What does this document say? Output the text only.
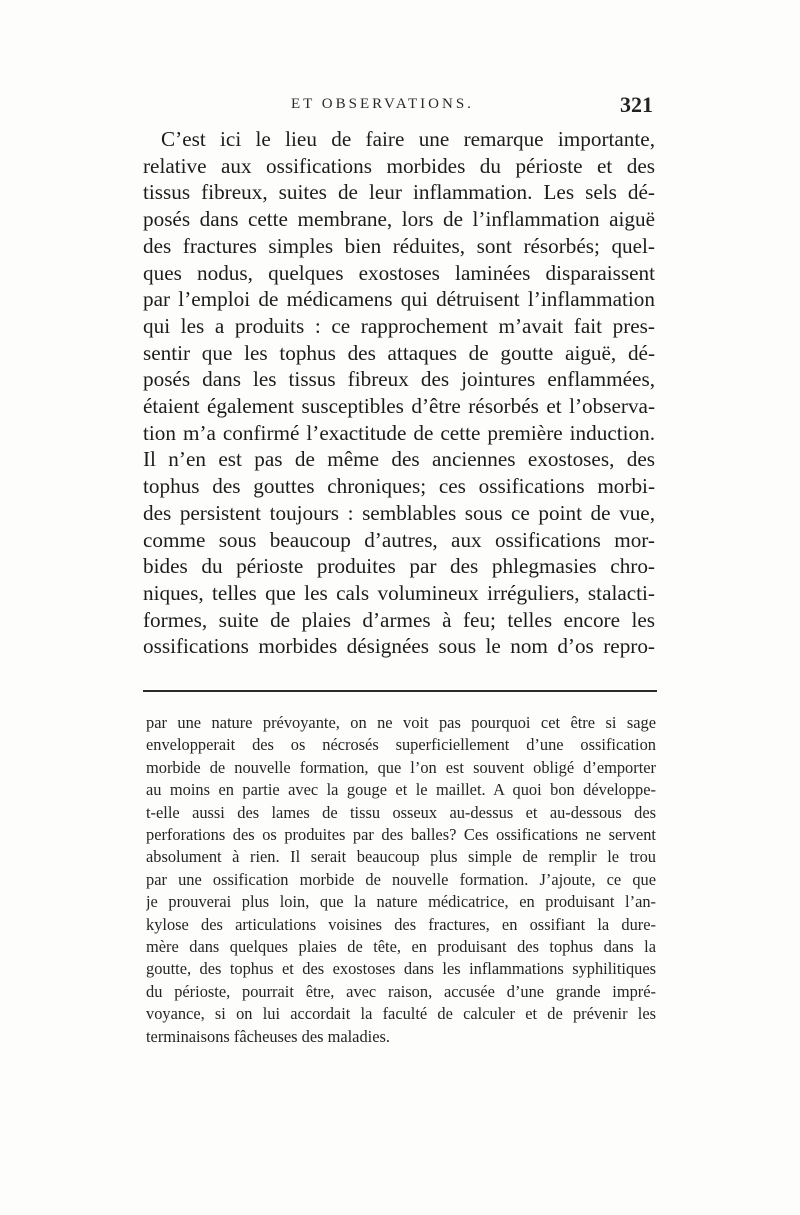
ET OBSERVATIONS.	321
C’est ici le lieu de faire une remarque importante,
relative aux ossifications morbides du périoste et des
tissus fibreux, suites de leur inflammation. Les sels dé-
posés dans cette membrane, lors de l’inflammation aiguë
des fractures simples bien réduites, sont résorbés; quel-
ques nodus, quelques exostoses laminées disparaissent
par l’emploi de médicamens qui détruisent l’inflammation
qui les a produits : ce rapprochement m’avait fait pres-
sentir que les tophus des attaques de goutte aiguë, dé-
posés dans les tissus fibreux des jointures enflammées,
étaient également susceptibles d’être résorbés et l’observa-
tion m’a confirmé l’exactitude de cette première induction.
Il n’en est pas de même des anciennes exostoses, des
tophus des gouttes chroniques; ces ossifications morbi-
des persistent toujours : semblables sous ce point de vue,
comme sous beaucoup d’autres, aux ossifications mor-
bides du périoste produites par des phlegmasies chro-
niques, telles que les cals volumineux irréguliers, stalacti-
formes, suite de plaies d’armes à feu; telles encore les
ossifications morbides désignées sous le nom d’os repro-
par une nature prévoyante, on ne voit pas pourquoi cet être si sage
envelopperait des os nécrosés superficiellement d’une ossification
morbide de nouvelle formation, que l’on est souvent obligé d’emporter
au moins en partie avec la gouge et le maillet. A quoi bon développe-
t-elle aussi des lames de tissu osseux au-dessus et au-dessous des
perforations des os produites par des balles? Ces ossifications ne servent
absolument à rien. Il serait beaucoup plus simple de remplir le trou
par une ossification morbide de nouvelle formation. J’ajoute, ce que
je prouverai plus loin, que la nature médicatrice, en produisant l’an-
kylose des articulations voisines des fractures, en ossifiant la dure-
mère dans quelques plaies de tête, en produisant des tophus dans la
goutte, des tophus et des exostoses dans les inflammations syphilitiques
du périoste, pourrait être, avec raison, accusée d’une grande impré-
voyance, si on lui accordait la faculté de calculer et de prévenir les
terminaisons fâcheuses des maladies.
